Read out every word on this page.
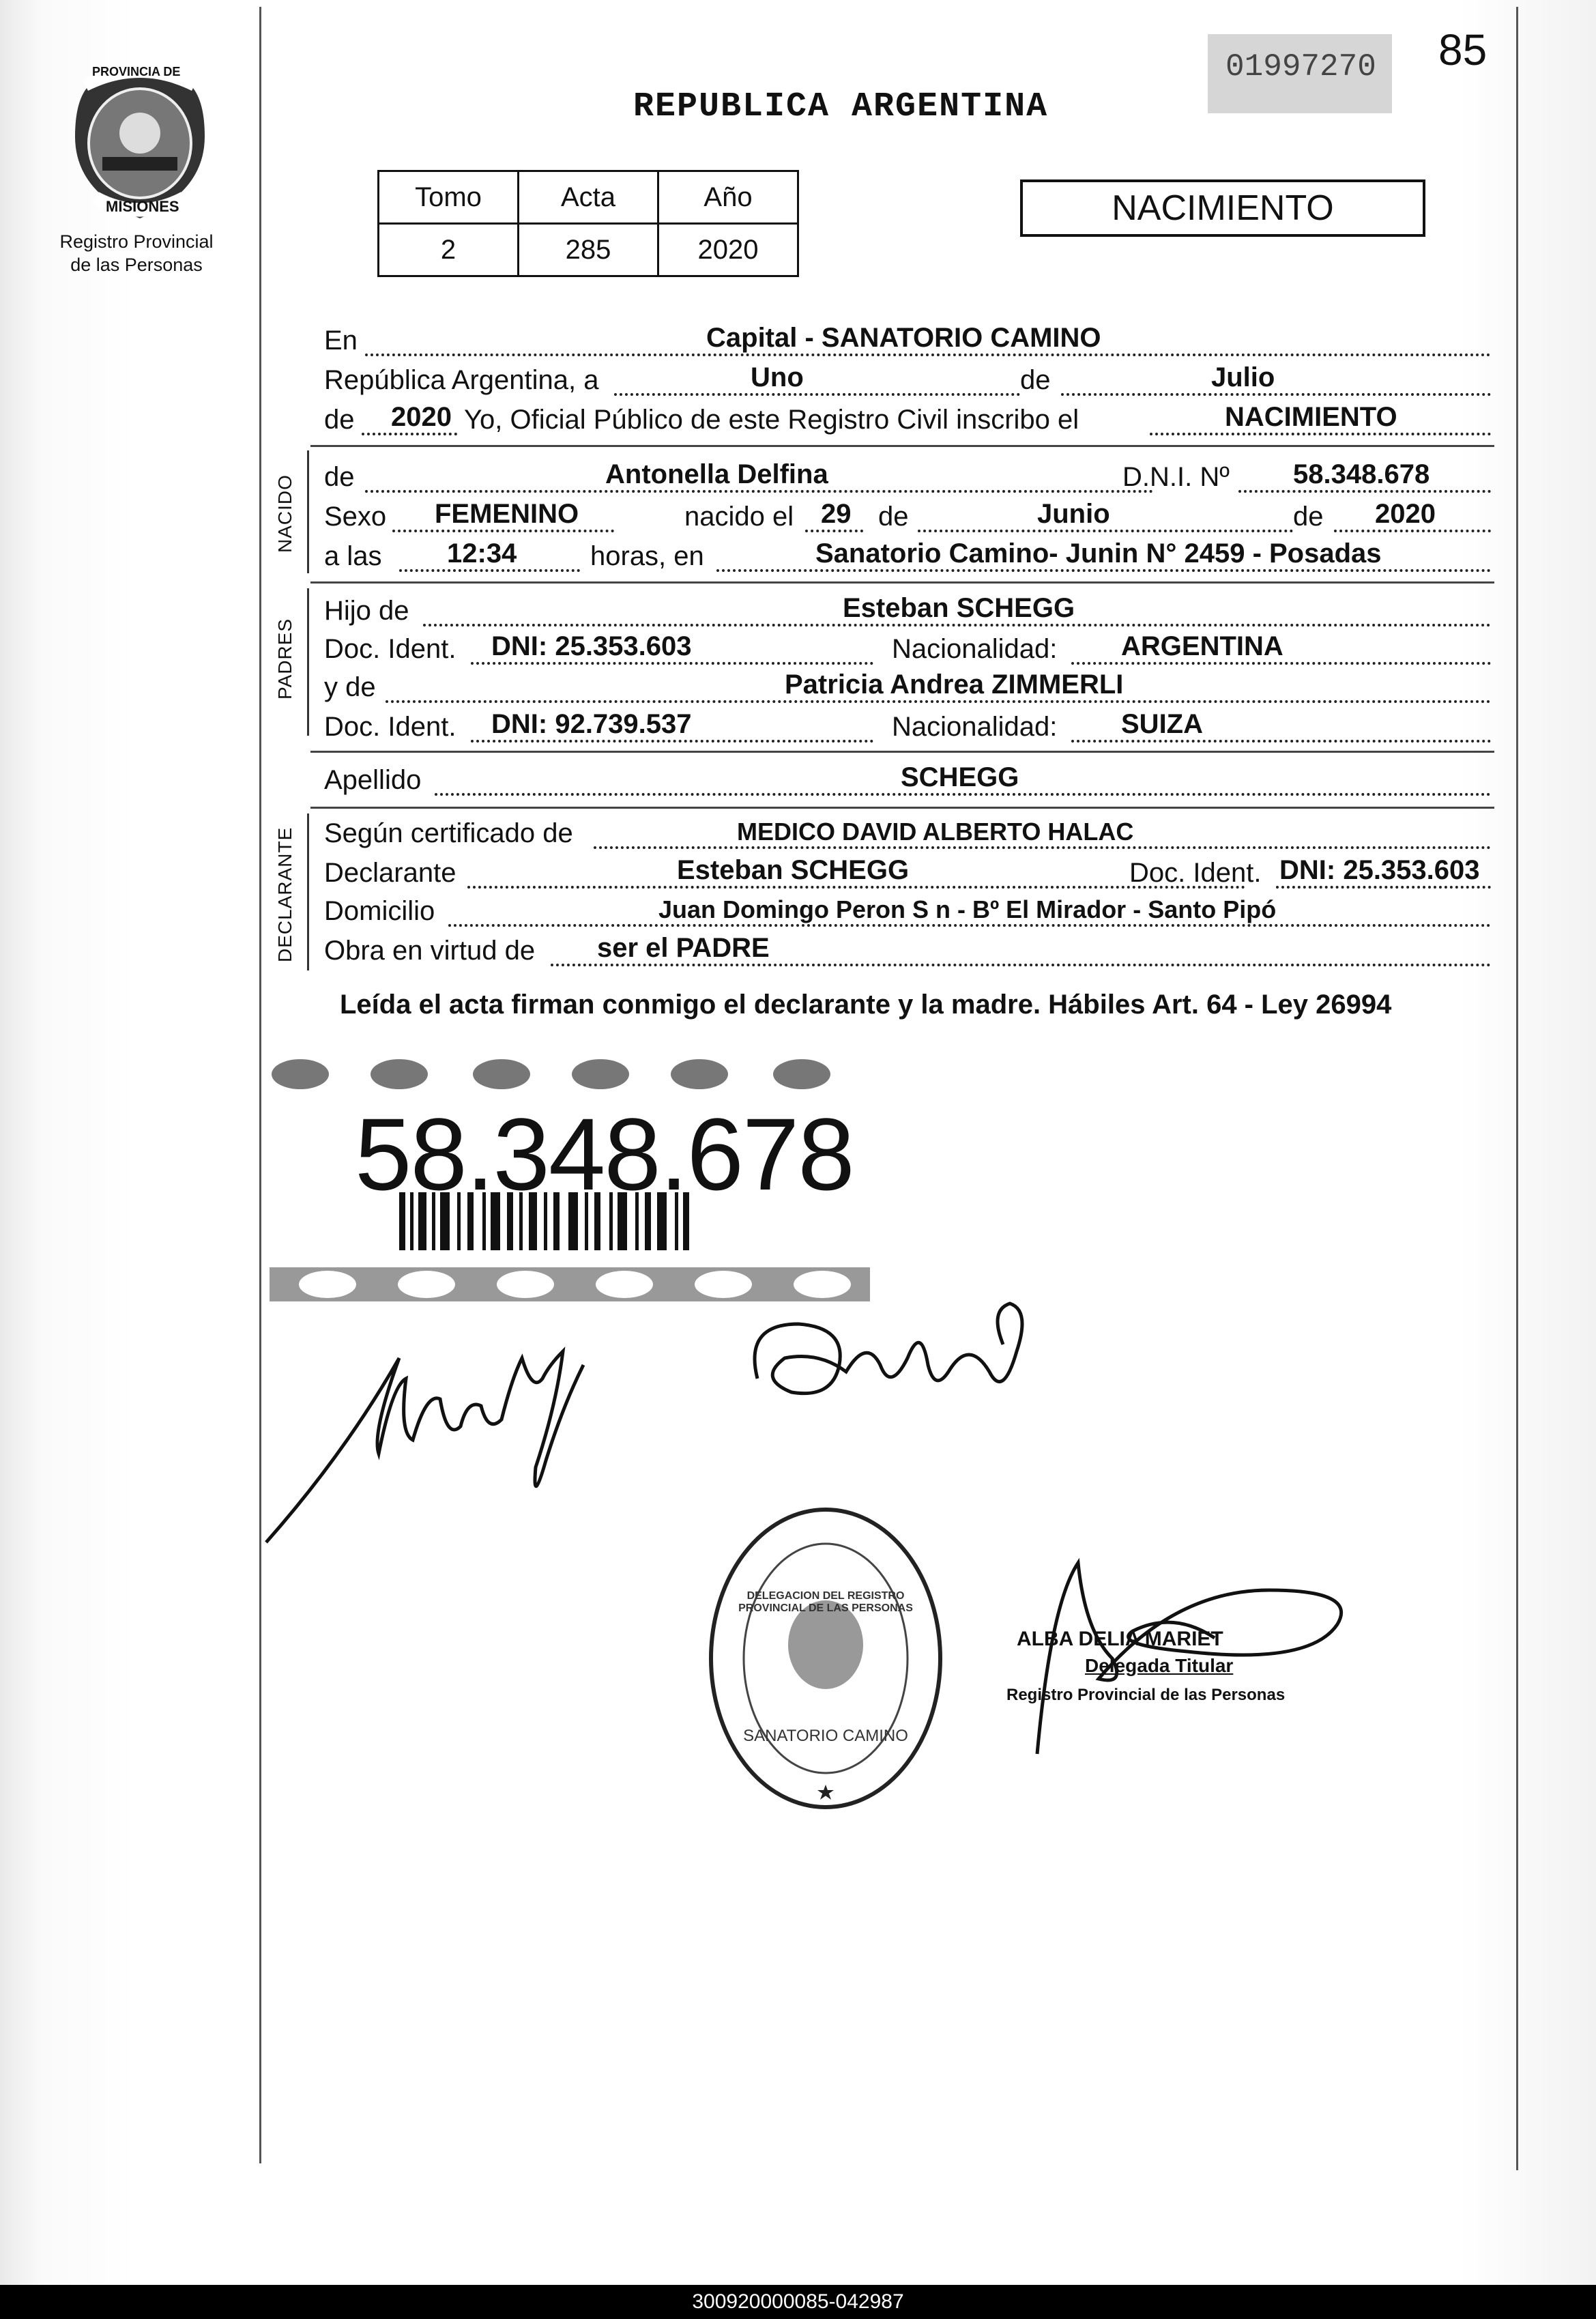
PROVINCIA DE
MISIONES
Registro Provincial
de las Personas
REPUBLICA ARGENTINA
01997270	85
Tomo	Acta	Año
2	285	2020
NACIMIENTO
En	Capital - SANATORIO CAMINO
República Argentina, a	Uno	de	Julio
de 2020 Yo, Oficial Público de este Registro Civil inscribo el	NACIMIENTO
NACIDO de	Antonella Delfina	D.N.I. Nº 58.348.678
Sexo FEMENINO	nacido el 29 de	Junio	de 2020
a las 12:34	horas, en	Sanatorio Camino- Junin N° 2459 - Posadas
PADRES
Hijo de	Esteban SCHEGG
Doc. Ident. DNI: 25.353.603	Nacionalidad: ARGENTINA
y de	Patricia Andrea ZIMMERLI
Doc. Ident. DNI: 92.739.537	Nacionalidad: SUIZA
Apellido	SCHEGG
DECLARANTE Según certificado de	MEDICO DAVID ALBERTO HALAC
Declarante	Esteban SCHEGG	Doc. Ident. DNI: 25.353.603
Domicilio	Juan Domingo Peron S n - Bº El Mirador - Santo Pipó
Obra en virtud de ser el PADRE
Leída el acta firman conmigo el declarante y la madre. Hábiles Art. 64 - Ley 26994
58.348.678
DELEGACION DEL REGISTRO PROVINCIAL DE LAS PERSONAS
SANATORIO CAMINO
ALBA DELIA MARIET
Delegada Titular
Registro Provincial de las Personas
300920000085-042987
